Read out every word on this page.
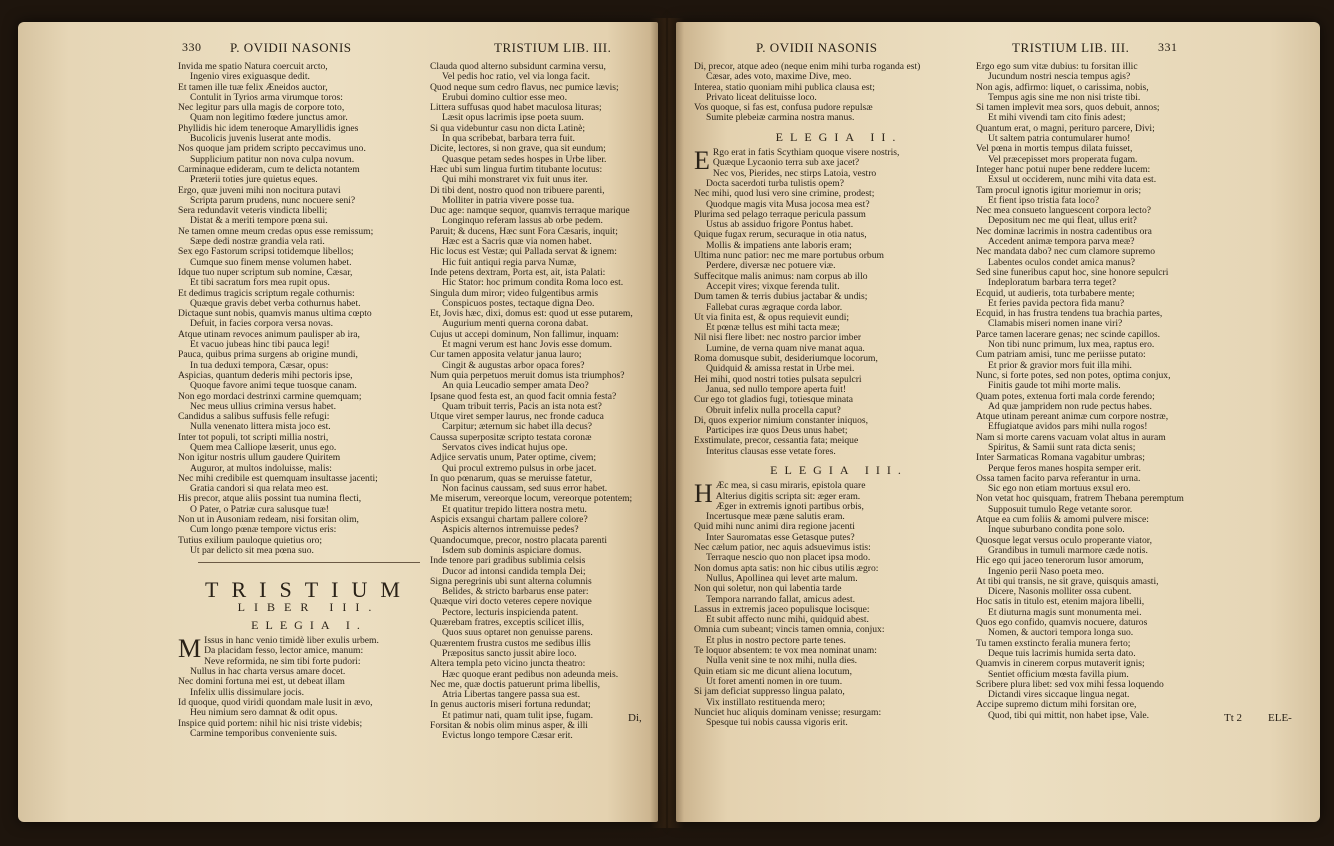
330 P. OVIDII NASONIS	TRISTIUM LIB. III.

Invida me spatio Natura coercuit arcto,

Ingenio vires exiguasque dedit.

Et tamen ille tuæ felix Æneidos auctor,

Contulit in Tyrios arma virumque toros:

Nec legitur pars ulla magis de corpore toto,

Quam non legitimo fœdere junctus amor.

Phyllidis hic idem teneroque Amaryllidis ignes

Bucolicis juvenis luserat ante modis.

Nos quoque jam pridem scripto peccavimus uno.

Supplicium patitur non nova culpa novum.

Carminaque edideram, cum te delicta notantem

Præterii toties jure quietus eques.

Ergo, quæ juveni mihi non nocitura putavi

Scripta parum prudens, nunc nocuere seni?

Sera redundavit veteris vindicta libelli;

Distat & a meriti tempore pœna sui.

Ne tamen omne meum credas opus esse remissum;

Sæpe dedi nostræ grandia vela rati.

Sex ego Fastorum scripsi totidemque libellos;

Cumque suo finem mense volumen habet.

Idque tuo nuper scriptum sub nomine, Cæsar,

Et tibi sacratum fors mea rupit opus.

Et dedimus tragicis scriptum regale cothurnis:

Quæque gravis debet verba cothurnus habet.

Dictaque sunt nobis, quamvis manus ultima cœpto

Defuit, in facies corpora versa novas.

Atque utinam revoces animum paulisper ab ira,

Et vacuo jubeas hinc tibi pauca legi!

Pauca, quibus prima surgens ab origine mundi,

In tua deduxi tempora, Cæsar, opus:

Aspicias, quantum dederis mihi pectoris ipse,

Quoque favore animi teque tuosque canam.

Non ego mordaci destrinxi carmine quemquam;

Nec meus ullius crimina versus habet.

Candidus a salibus suffusis felle refugi:

Nulla venenato littera mista joco est.

Inter tot populi, tot scripti millia nostri,

Quem mea Calliope læserit, unus ego.

Non igitur nostris ullum gaudere Quiritem

Auguror, at multos indoluisse, malis:

Nec mihi credibile est quemquam insultasse jacenti;

Gratia candori si qua relata meo est.

His precor, atque aliis possint tua numina flecti,

O Pater, o Patriæ cura salusque tuæ!

Non ut in Ausoniam redeam, nisi forsitan olim,

Cum longo pœnæ tempore victus eris:

Tutius exilium pauloque quietius oro;

Ut par delicto sit mea pœna suo.

TRISTIUM
LIBER III.
ELEGIA I.
M Issus in hanc venio timidè liber exulis urbem.

Da placidam fesso, lector amice, manum:

Neve reformida, ne sim tibi forte pudori:

Nullus in hac charta versus amare docet.

Nec domini fortuna mei est, ut debeat illam

Infelix ullis dissimulare jocis.

Id quoque, quod viridi quondam male lusit in ævo,

Heu nimium sero damnat & odit opus.

Inspice quid portem: nihil hic nisi triste videbis;

Carmine temporibus conveniente suis.

Clauda quod alterno subsidunt carmina versu,

Vel pedis hoc ratio, vel via longa facit.

Quod neque sum cedro flavus, nec pumice lævis;

Erubui domino cultior esse meo.

Littera suffusas quod habet maculosa lituras;

Læsit opus lacrimis ipse poeta suum.

Si qua videbuntur casu non dicta Latinè;

In qua scribebat, barbara terra fuit.

Dicite, lectores, si non grave, qua sit eundum;

Quasque petam sedes hospes in Urbe liber.

Hæc ubi sum lingua furtim titubante locutus:

Qui mihi monstraret vix fuit unus iter.

Di tibi dent, nostro quod non tribuere parenti,

Molliter in patria vivere posse tua.

Duc age: namque sequor, quamvis terraque marique

Longinquo referam lassus ab orbe pedem.

Paruit; & ducens, Hæc sunt Fora Cæsaris, inquit;

Hæc est a Sacris quæ via nomen habet.

Hic locus est Vestæ; qui Pallada servat & ignem:

Hic fuit antiqui regia parva Numæ,

Inde petens dextram, Porta est, ait, ista Palati:

Hic Stator: hoc primum condita Roma loco est.

Singula dum miror; video fulgentibus armis

Conspicuos postes, tectaque digna Deo.

Et, Jovis hæc, dixi, domus est: quod ut esse putarem,

Augurium menti querna corona dabat.

Cujus ut accepi dominum, Non fallimur, inquam:

Et magni verum est hanc Jovis esse domum.

Cur tamen apposita velatur janua lauro;

Cingit & augustas arbor opaca fores?

Num quia perpetuos meruit domus ista triumphos?

An quia Leucadio semper amata Deo?

Ipsane quod festa est, an quod facit omnia festa?

Quam tribuit terris, Pacis an ista nota est?

Utque viret semper laurus, nec fronde caduca

Carpitur; æternum sic habet illa decus?

Caussa superpositæ scripto testata coronæ

Servatos cives indicat hujus ope.

Adjice servatis unum, Pater optime, civem;

Qui procul extremo pulsus in orbe jacet.

In quo pœnarum, quas se meruisse fatetur,

Non facinus caussam, sed suus error habet.

Me miserum, vereorque locum, vereorque potentem;

Et quatitur trepido littera nostra metu.

Aspicis exsangui chartam pallere colore?

Aspicis alternos intremuisse pedes?

Quandocumque, precor, nostro placata parenti

Isdem sub dominis aspiciare domus.

Inde tenore pari gradibus sublimia celsis

Ducor ad intonsi candida templa Dei;

Signa peregrinis ubi sunt alterna columnis

Belides, & stricto barbarus ense pater:

Quæque viri docto veteres cepere novique

Pectore, lecturis inspicienda patent.

Quærebam fratres, exceptis scilicet illis,

Quos suus optaret non genuisse parens.

Quærentem frustra custos me sedibus illis

Præpositus sancto jussit abire loco.

Altera templa peto vicino juncta theatro:

Hæc quoque erant pedibus non adeunda meis.

Nec me, quæ doctis patuerunt prima libellis,

Atria Libertas tangere passa sua est.

In genus auctoris miseri fortuna redundat;

Et patimur nati, quam tulit ipse, fugam.

Forsitan & nobis olim minus asper, & illi

Evictus longo tempore Cæsar erit.

Di,
P. OVIDII NASONIS	TRISTIUM LIB. III. 331

Di, precor, atque adeo (neque enim mihi turba roganda est)

Cæsar, ades voto, maxime Dive, meo.

Interea, statio quoniam mihi publica clausa est;

Privato liceat delituisse loco.

Vos quoque, si fas est, confusa pudore repulsæ

Sumite plebeiæ carmina nostra manus.

ELEGIA II.
E Rgo erat in fatis Scythiam quoque visere nostris,

Quæque Lycaonio terra sub axe jacet?

Nec vos, Pierides, nec stirps Latoia, vestro

Docta sacerdoti turba tulistis opem?

Nec mihi, quod lusi vero sine crimine, prodest;

Quodque magis vita Musa jocosa mea est?

Plurima sed pelago terraque pericula passum

Ustus ab assiduo frigore Pontus habet.

Quique fugax rerum, securaque in otia natus,

Mollis & impatiens ante laboris eram;

Ultima nunc patior: nec me mare portubus orbum

Perdere, diversæ nec potuere viæ.

Suffecitque malis animus: nam corpus ab illo

Accepit vires; vixque ferenda tulit.

Dum tamen & terris dubius jactabar & undis;

Fallebat curas ægraque corda labor.

Ut via finita est, & opus requievit eundi;

Et pœnæ tellus est mihi tacta meæ;

Nil nisi flere libet: nec nostro parcior imber

Lumine, de verna quam nive manat aqua.

Roma domusque subit, desideriumque locorum,

Quidquid & amissa restat in Urbe mei.

Hei mihi, quod nostri toties pulsata sepulcri

Janua, sed nullo tempore aperta fuit!

Cur ego tot gladios fugi, totiesque minata

Obruit infelix nulla procella caput?

Di, quos experior nimium constanter iniquos,

Participes iræ quos Deus unus habet;

Exstimulate, precor, cessantia fata; meique

Interitus clausas esse vetate fores.

ELEGIA III.
H Æc mea, si casu miraris, epistola quare

Alterius digitis scripta sit: æger eram.

Æger in extremis ignoti partibus orbis,

Incertusque meæ pæne salutis eram.

Quid mihi nunc animi dira regione jacenti

Inter Sauromatas esse Getasque putes?

Nec cælum patior, nec aquis adsuevimus istis:

Terraque nescio quo non placet ipsa modo.

Non domus apta satis: non hic cibus utilis ægro:

Nullus, Apollinea qui levet arte malum.

Non qui soletur, non qui labentia tarde

Tempora narrando fallat, amicus adest.

Lassus in extremis jaceo populisque locisque:

Et subit affecto nunc mihi, quidquid abest.

Omnia cum subeant; vincis tamen omnia, conjux:

Et plus in nostro pectore parte tenes.

Te loquor absentem: te vox mea nominat unam:

Nulla venit sine te nox mihi, nulla dies.

Quin etiam sic me dicunt aliena locutum,

Ut foret amenti nomen in ore tuum.

Si jam deficiat suppresso lingua palato,

Vix instillato restituenda mero;

Nunciet huc aliquis dominam venisse; resurgam:

Spesque tui nobis caussa vigoris erit.

Ergo ego sum vitæ dubius: tu forsitan illic

Jucundum nostri nescia tempus agis?

Non agis, adfirmo: liquet, o carissima, nobis,

Tempus agis sine me non nisi triste tibi.

Si tamen implevit mea sors, quos debuit, annos;

Et mihi vivendi tam cito finis adest;

Quantum erat, o magni, perituro parcere, Divi;

Ut saltem patria contumularer humo!

Vel pœna in mortis tempus dilata fuisset,

Vel præcepisset mors properata fugam.

Integer hanc potui nuper bene reddere lucem:

Exsul ut occiderem, nunc mihi vita data est.

Tam procul ignotis igitur moriemur in oris;

Et fient ipso tristia fata loco?

Nec mea consueto languescent corpora lecto?

Depositum nec me qui fleat, ullus erit?

Nec dominæ lacrimis in nostra cadentibus ora

Accedent animæ tempora parva meæ?

Nec mandata dabo? nec cum clamore supremo

Labentes oculos condet amica manus?

Sed sine funeribus caput hoc, sine honore sepulcri

Indeploratum barbara terra teget?

Ecquid, ut audieris, tota turbabere mente;

Et feries pavida pectora fida manu?

Ecquid, in has frustra tendens tua brachia partes,

Clamabis miseri nomen inane viri?

Parce tamen lacerare genas; nec scinde capillos.

Non tibi nunc primum, lux mea, raptus ero.

Cum patriam amisi, tunc me periisse putato:

Et prior & gravior mors fuit illa mihi.

Nunc, si forte potes, sed non potes, optima conjux,

Finitis gaude tot mihi morte malis.

Quam potes, extenua forti mala corde ferendo;

Ad quæ jampridem non rude pectus habes.

Atque utinam pereant animæ cum corpore nostræ,

Effugiatque avidos pars mihi nulla rogos!

Nam si morte carens vacuam volat altus in auram

Spiritus, & Samii sunt rata dicta senis;

Inter Sarmaticas Romana vagabitur umbras;

Perque feros manes hospita semper erit.

Ossa tamen facito parva referantur in urna.

Sic ego non etiam mortuus exsul ero.

Non vetat hoc quisquam, fratrem Thebana peremptum

Supposuit tumulo Rege vetante soror.

Atque ea cum foliis & amomi pulvere misce:

Inque suburbano condita pone solo.

Quosque legat versus oculo properante viator,

Grandibus in tumuli marmore cæde notis.

Hic ego qui jaceo tenerorum lusor amorum,

Ingenio perii Naso poeta meo.

At tibi qui transis, ne sit grave, quisquis amasti,

Dicere, Nasonis molliter ossa cubent.

Hoc satis in titulo est, etenim majora libelli,

Et diuturna magis sunt monumenta mei.

Quos ego confido, quamvis nocuere, daturos

Nomen, & auctori tempora longa suo.

Tu tamen exstincto feralia munera ferto;

Deque tuis lacrimis humida serta dato.

Quamvis in cinerem corpus mutaverit ignis;

Sentiet officium mœsta favilla pium.

Scribere plura libet: sed vox mihi fessa loquendo

Dictandi vires siccaque lingua negat.

Accipe supremo dictum mihi forsitan ore,

Quod, tibi qui mittit, non habet ipse, Vale.	Tt 2 ELE-
